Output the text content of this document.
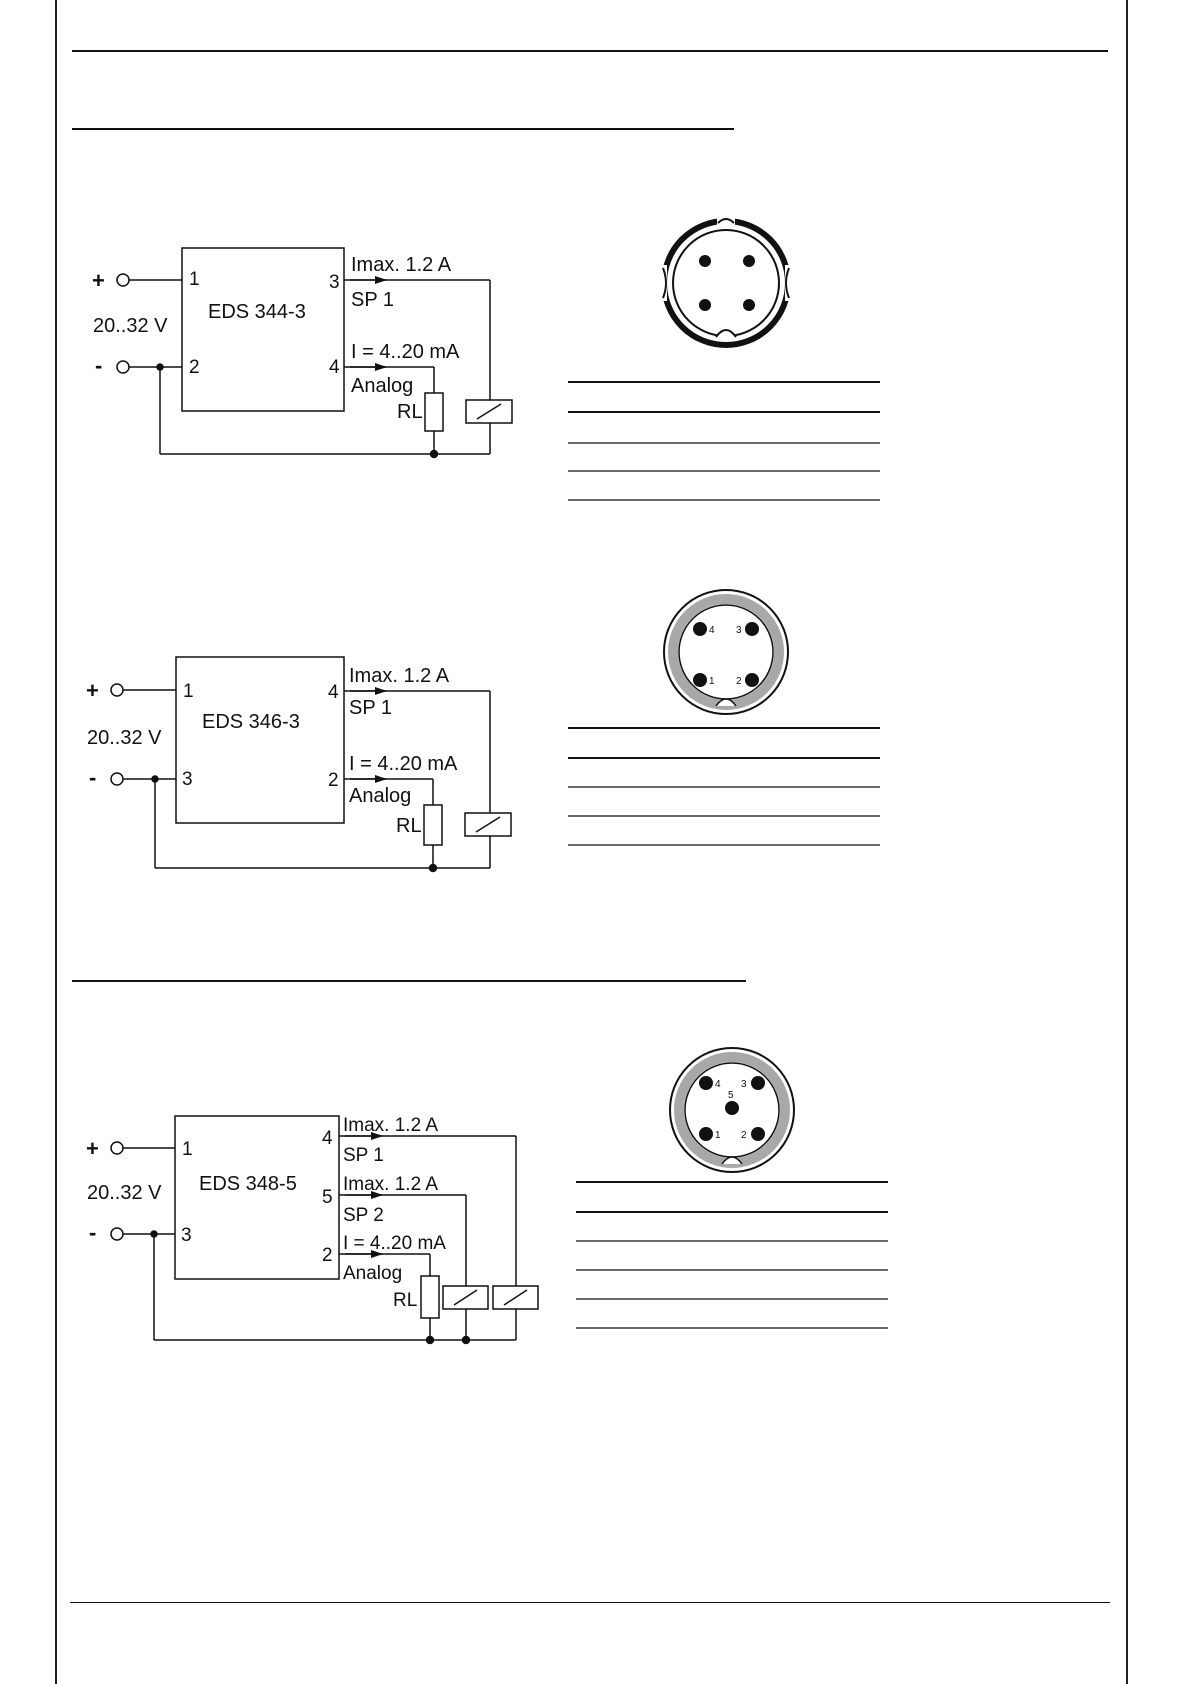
+
-
20..32 V
EDS 344-3
1
2
3
4
Imax. 1.2 A
SP 1
I = 4..20 mA
Analog
RL
+
-
20..32 V
EDS 346-3
1
3
4
2
Imax. 1.2 A
SP 1
I = 4..20 mA
Analog
RL
+
-
20..32 V EDS 348-5
1
3
4
5
2
Imax. 1.2 A
SP 1
Imax. 1.2 A
SP 2
I = 4..20 mA
Analog
RL
4 3
1 2
4 3
5
1 2
